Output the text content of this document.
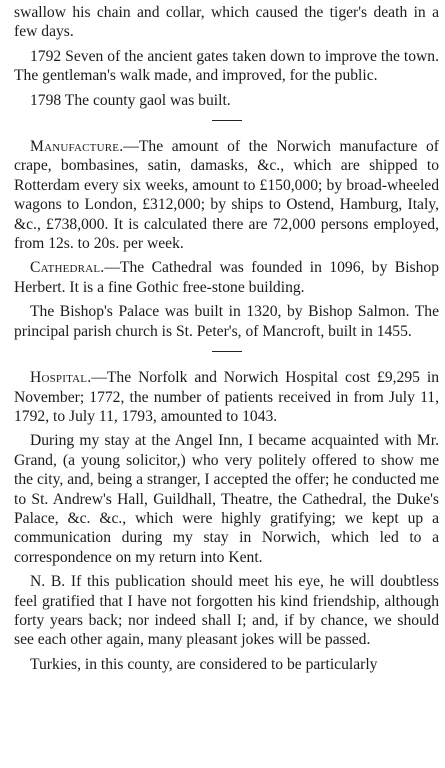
swallow his chain and collar, which caused the tiger's death in a few days.

1792 Seven of the ancient gates taken down to improve the town. The gentleman's walk made, and improved, for the public.

1798 The county gaol was built.

Manufacture.—The amount of the Norwich manufacture of crape, bombasines, satin, damasks, &c., which are shipped to Rotterdam every six weeks, amount to £150,000; by broad-wheeled wagons to London, £312,000; by ships to Ostend, Hamburg, Italy, &c., £738,000. It is calculated there are 72,000 persons employed, from 12s. to 20s. per week.

Cathedral.—The Cathedral was founded in 1096, by Bishop Herbert. It is a fine Gothic free-stone building.

The Bishop's Palace was built in 1320, by Bishop Salmon. The principal parish church is St. Peter's, of Mancroft, built in 1455.

Hospital.—The Norfolk and Norwich Hospital cost £9,295 in November; 1772, the number of patients received in from July 11, 1792, to July 11, 1793, amounted to 1043.

During my stay at the Angel Inn, I became acquainted with Mr. Grand, (a young solicitor,) who very politely offered to show me the city, and, being a stranger, I accepted the offer; he conducted me to St. Andrew's Hall, Guildhall, Theatre, the Cathedral, the Duke's Palace, &c. &c., which were highly gratifying; we kept up a communication during my stay in Norwich, which led to a correspondence on my return into Kent.

N. B. If this publication should meet his eye, he will doubtless feel gratified that I have not forgotten his kind friendship, although forty years back; nor indeed shall I; and, if by chance, we should see each other again, many pleasant jokes will be passed.

Turkies, in this county, are considered to be particularly
